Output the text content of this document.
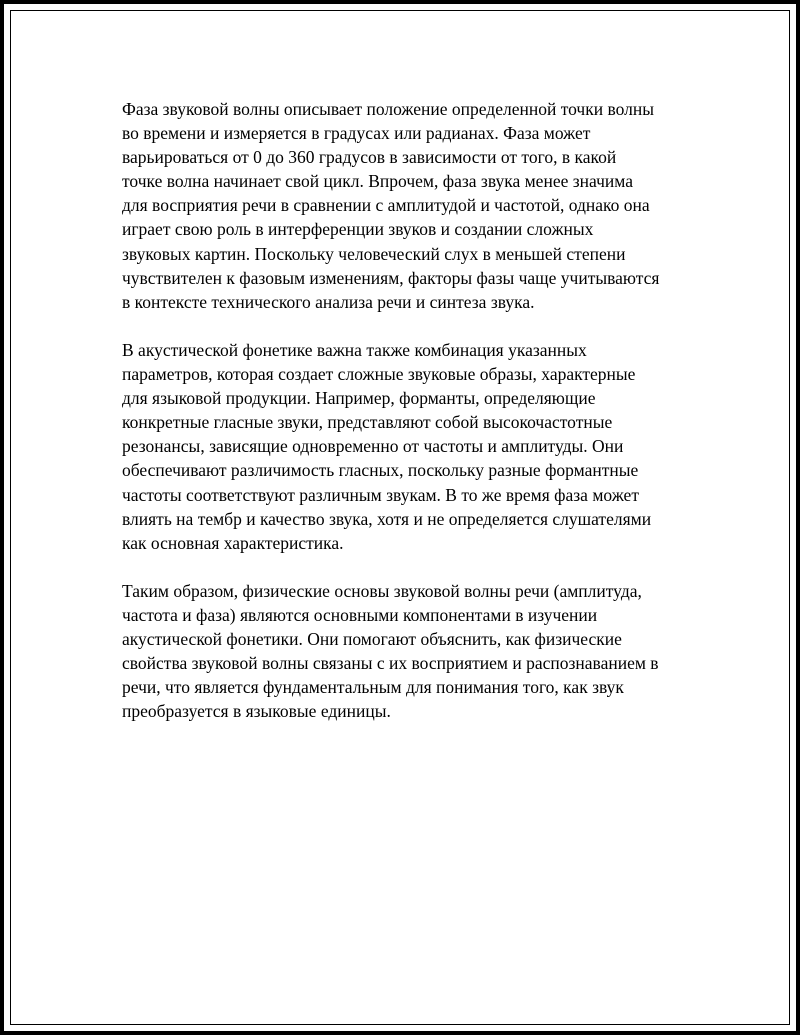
Фаза звуковой волны описывает положение определенной точки волны
во времени и измеряется в градусах или радианах. Фаза может
варьироваться от 0 до 360 градусов в зависимости от того, в какой
точке волна начинает свой цикл. Впрочем, фаза звука менее значима
для восприятия речи в сравнении с амплитудой и частотой, однако она
играет свою роль в интерференции звуков и создании сложных
звуковых картин. Поскольку человеческий слух в меньшей степени
чувствителен к фазовым изменениям, факторы фазы чаще учитываются
в контексте технического анализа речи и синтеза звука.

В акустической фонетике важна также комбинация указанных
параметров, которая создает сложные звуковые образы, характерные
для языковой продукции. Например, форманты, определяющие
конкретные гласные звуки, представляют собой высокочастотные
резонансы, зависящие одновременно от частоты и амплитуды. Они
обеспечивают различимость гласных, поскольку разные формантные
частоты соответствуют различным звукам. В то же время фаза может
влиять на тембр и качество звука, хотя и не определяется слушателями
как основная характеристика.

Таким образом, физические основы звуковой волны речи (амплитуда,
частота и фаза) являются основными компонентами в изучении
акустической фонетики. Они помогают объяснить, как физические
свойства звуковой волны связаны с их восприятием и распознаванием в
речи, что является фундаментальным для понимания того, как звук
преобразуется в языковые единицы.
